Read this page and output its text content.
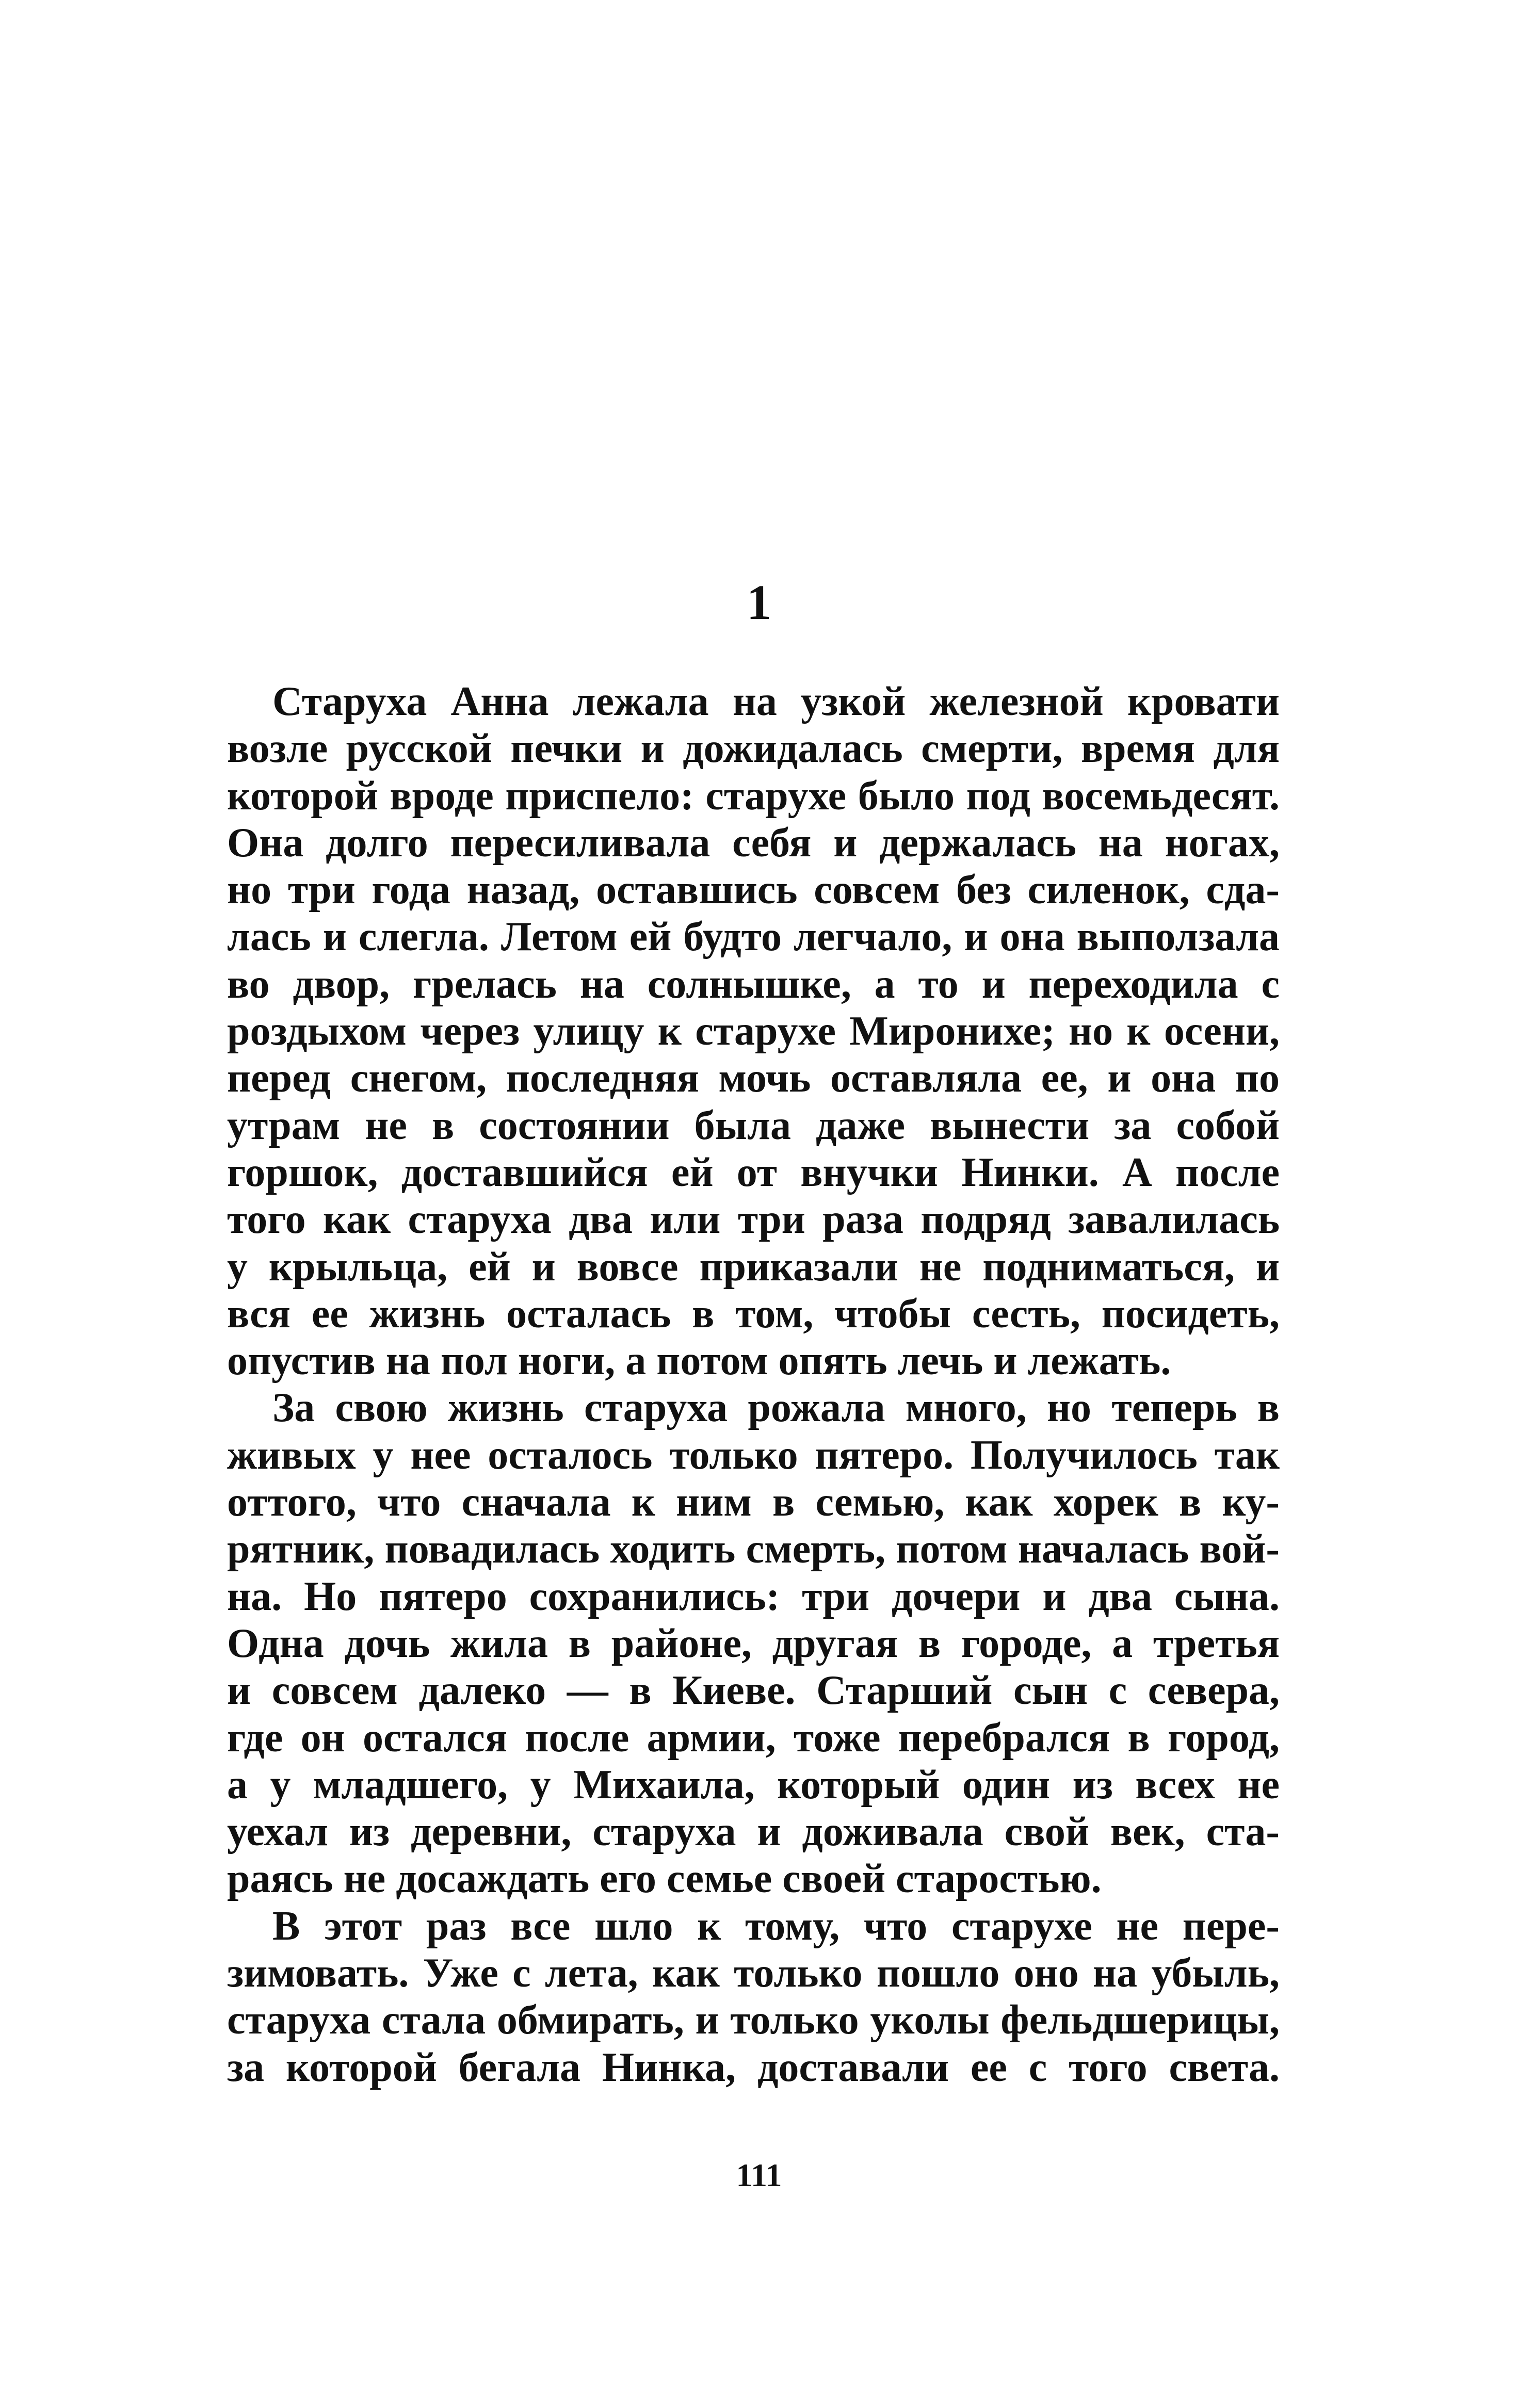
1
Старуха Анна лежала на узкой железной кровати
возле русской печки и дожидалась смерти, время для
которой вроде приспело: старухе было под восемьдесят.
Она долго пересиливала себя и держалась на ногах,
но три года назад, оставшись совсем без силенок, сда-
лась и слегла. Летом ей будто легчало, и она выползала
во двор, грелась на солнышке, а то и переходила с
роздыхом через улицу к старухе Миронихе; но к осени,
перед снегом, последняя мочь оставляла ее, и она по
утрам не в состоянии была даже вынести за собой
горшок, доставшийся ей от внучки Нинки. А после
того как старуха два или три раза подряд завалилась
у крыльца, ей и вовсе приказали не подниматься, и
вся ее жизнь осталась в том, чтобы сесть, посидеть,
опустив на пол ноги, а потом опять лечь и лежать.
За свою жизнь старуха рожала много, но теперь в
живых у нее осталось только пятеро. Получилось так
оттого, что сначала к ним в семью, как хорек в ку-
рятник, повадилась ходить смерть, потом началась вой-
на. Но пятеро сохранились: три дочери и два сына.
Одна дочь жила в районе, другая в городе, а третья
и совсем далеко — в Киеве. Старший сын с севера,
где он остался после армии, тоже перебрался в город,
а у младшего, у Михаила, который один из всех не
уехал из деревни, старуха и доживала свой век, ста-
раясь не досаждать его семье своей старостью.
В этот раз все шло к тому, что старухе не пере-
зимовать. Уже с лета, как только пошло оно на убыль,
старуха стала обмирать, и только уколы фельдшерицы,
за которой бегала Нинка, доставали ее с того света.
111
